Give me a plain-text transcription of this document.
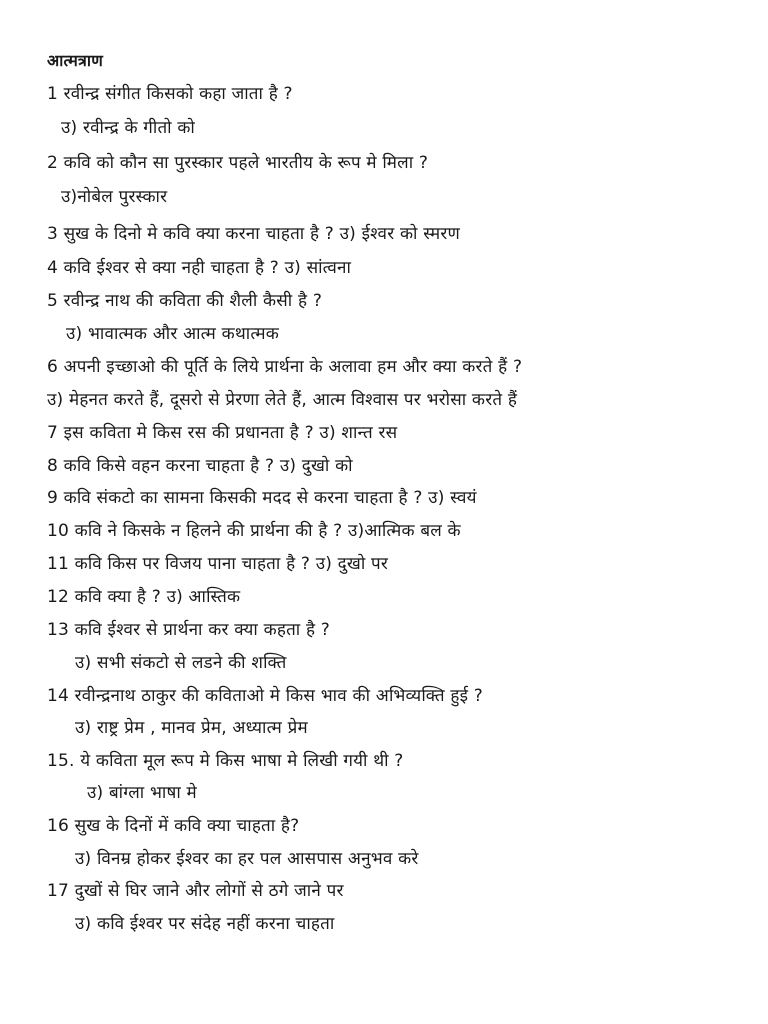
आत्मत्राण
1 रवीन्द्र संगीत किसको कहा जाता है ?
उ) रवीन्द्र के गीतो को
2 कवि को कौन सा पुरस्कार पहले भारतीय के रूप मे मिला ?
उ)नोबेल पुरस्कार
3 सुख के दिनो मे कवि क्या करना चाहता है ? उ) ईश्वर को स्मरण
4 कवि ईश्वर से क्या नही चाहता है ? उ) सांत्वना
5 रवीन्द्र नाथ की कविता की शैली कैसी है ?
उ) भावात्मक और आत्म कथात्मक
6 अपनी इच्छाओ की पूर्ति के लिये प्रार्थना के अलावा हम और क्या करते हैं ?
उ) मेहनत करते हैं, दूसरो से प्रेरणा लेते हैं, आत्म विश्वास पर भरोसा करते हैं
7 इस कविता मे किस रस की प्रधानता है ? उ) शान्त रस
8 कवि किसे वहन करना चाहता है ? उ) दुखो को
9 कवि संकटो का सामना किसकी मदद से करना चाहता है ? उ) स्वयं
10 कवि ने किसके न हिलने की प्रार्थना की है ? उ)आत्मिक बल के
11 कवि किस पर विजय पाना चाहता है ? उ) दुखो पर
12 कवि क्या है ? उ) आस्तिक
13 कवि ईश्वर से प्रार्थना कर क्या कहता है ?
उ) सभी संकटो से लडने की शक्ति
14 रवीन्द्रनाथ ठाकुर की कविताओ मे किस भाव की अभिव्यक्ति हुई ?
उ) राष्ट्र प्रेम , मानव प्रेम, अध्यात्म प्रेम
15. ये कविता मूल रूप मे किस भाषा मे लिखी गयी थी ?
उ) बांग्ला भाषा मे
16 सुख के दिनों में कवि क्या चाहता है?
उ) विनम्र होकर ईश्वर का हर पल आसपास अनुभव करे
17 दुखों से घिर जाने और लोगों से ठगे जाने पर
उ) कवि ईश्वर पर संदेह नहीं करना चाहता
